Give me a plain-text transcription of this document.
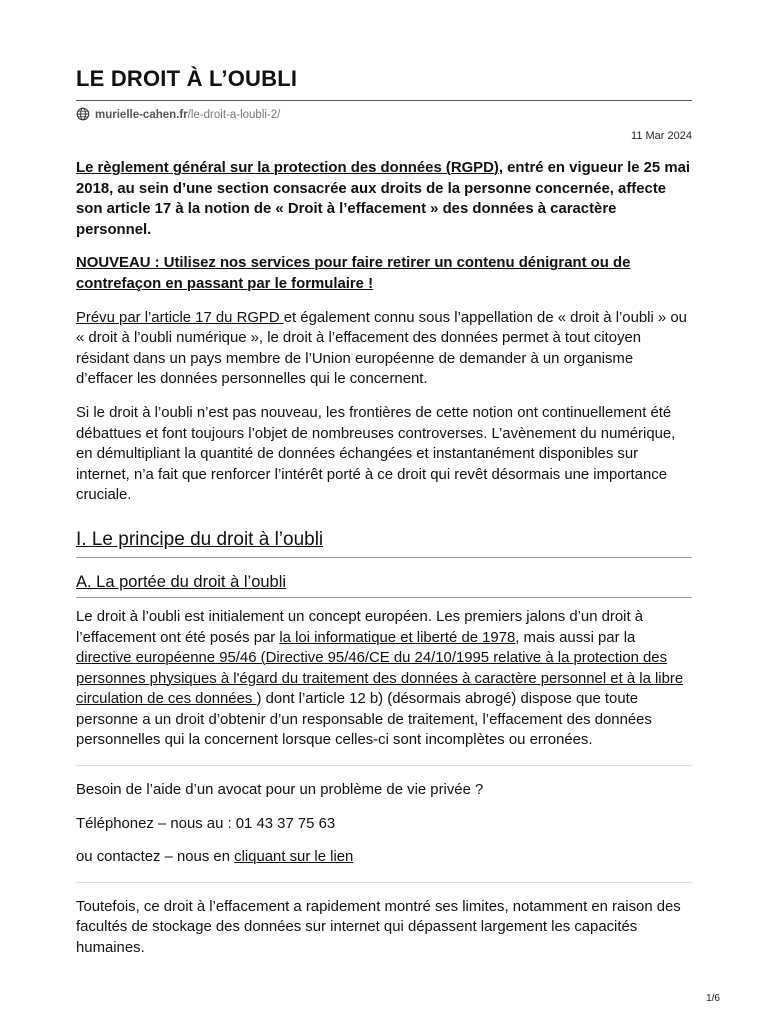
LE DROIT À L’OUBLI
murielle-cahen.fr /le-droit-a-loubli-2/
11 Mar 2024

Le règlement général sur la protection des données (RGPD), entré en vigueur le 25 mai 2018, au sein d’une section consacrée aux droits de la personne concernée, affecte son article 17 à la notion de « Droit à l’effacement » des données à caractère personnel.

NOUVEAU : Utilisez nos services pour faire retirer un contenu dénigrant ou de contrefaçon en passant par le formulaire !

Prévu par l’article 17 du RGPD et également connu sous l’appellation de « droit à l’oubli » ou « droit à l’oubli numérique », le droit à l’effacement des données permet à tout citoyen résidant dans un pays membre de l’Union européenne de demander à un organisme d’effacer les données personnelles qui le concernent.

Si le droit à l’oubli n’est pas nouveau, les frontières de cette notion ont continuellement été débattues et font toujours l’objet de nombreuses controverses. L’avènement du numérique, en démultipliant la quantité de données échangées et instantanément disponibles sur internet, n’a fait que renforcer l’intérêt porté à ce droit qui revêt désormais une importance cruciale.

I. Le principe du droit à l’oubli
A. La portée du droit à l’oubli

Le droit à l’oubli est initialement un concept européen. Les premiers jalons d’un droit à l’effacement ont été posés par la loi informatique et liberté de 1978, mais aussi par la directive européenne 95/46 (Directive 95/46/CE du 24/10/1995 relative à la protection des personnes physiques à l'égard du traitement des données à caractère personnel et à la libre circulation de ces données ) dont l’article 12 b) (désormais abrogé) dispose que toute personne a un droit d’obtenir d’un responsable de traitement, l’effacement des données personnelles qui la concernent lorsque celles-ci sont incomplètes ou erronées.

Besoin de l’aide d’un avocat pour un problème de vie privée ?

Téléphonez – nous au : 01 43 37 75 63

ou contactez – nous en cliquant sur le lien

Toutefois, ce droit à l’effacement a rapidement montré ses limites, notamment en raison des facultés de stockage des données sur internet qui dépassent largement les capacités humaines.

1/6
